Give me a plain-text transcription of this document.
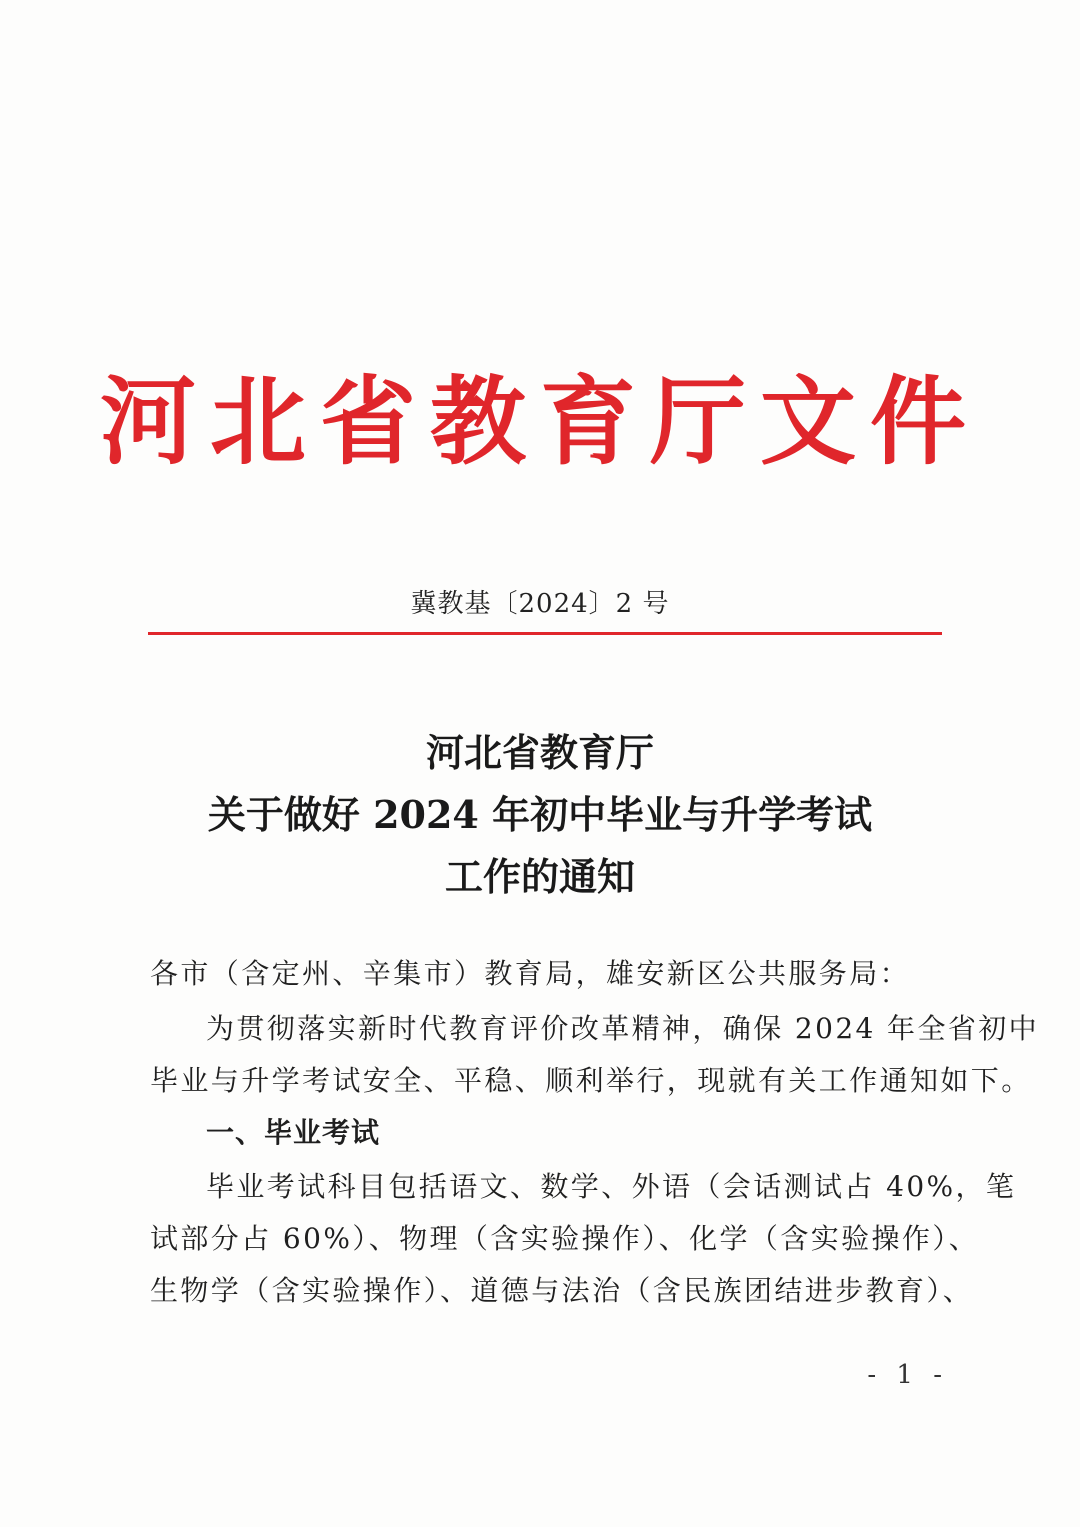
河北省教育厅文件
冀教基〔2024〕2 号
河北省教育厅
关于做好 2024 年初中毕业与升学考试
工作的通知
各市（含定州、辛集市）教育局，雄安新区公共服务局：
为贯彻落实新时代教育评价改革精神，确保 2024 年全省初中
毕业与升学考试安全、平稳、顺利举行，现就有关工作通知如下。
一、毕业考试
毕业考试科目包括语文、数学、外语（会话测试占 40%，笔
试部分占 60%）、物理（含实验操作）、化学（含实验操作）、
生物学（含实验操作）、道德与法治（含民族团结进步教育）、
- 1 -
